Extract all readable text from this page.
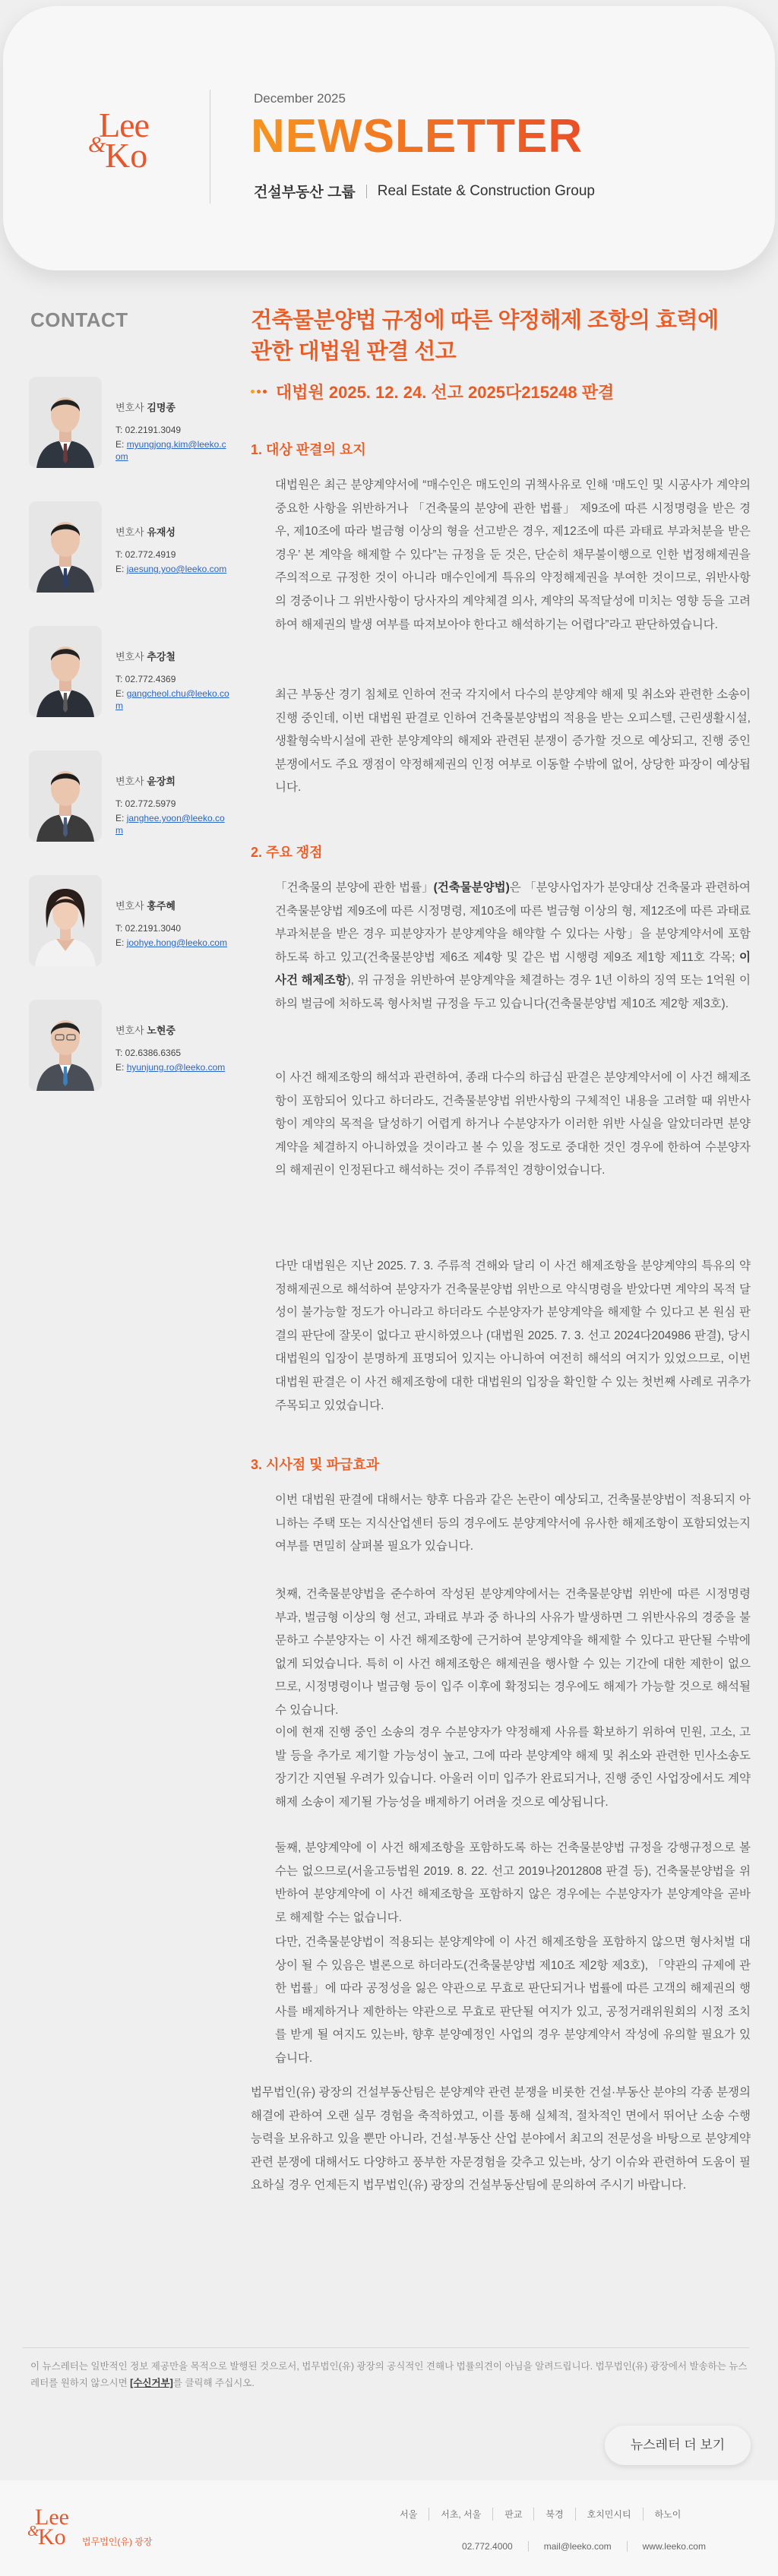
Lee
&
Ko
December 2025
NEWSLETTER
건설부동산 그룹 Real Estate & Construction Group
CONTACT
변호사 김명종
T: 02.2191.3049
E: myungjong.kim@leeko.com
변호사 유재성
T: 02.772.4919
E: jaesung.yoo@leeko.com
변호사 추강철
T: 02.772.4369
E: gangcheol.chu@leeko.com
변호사 윤장희
T: 02.772.5979
E: janghee.yoon@leeko.com
변호사 홍주혜
T: 02.2191.3040
E: joohye.hong@leeko.com
변호사 노현중
T: 02.6386.6365
E: hyunjung.ro@leeko.com
건축물분양법 규정에 따른 약정해제 조항의 효력에
관한 대법원 판결 선고
대법원 2025. 12. 24. 선고 2025다215248 판결
1. 대상 판결의 요지
대법원은 최근 분양계약서에 “매수인은 매도인의 귀책사유로 인해 ‘매도인 및 시공사가 계약의 중요한 사항을 위반하거나 「건축물의 분양에 관한 법률」 제9조에 따른 시정명령을 받은 경우, 제10조에 따라 벌금형 이상의 형을 선고받은 경우, 제12조에 따른 과태료 부과처분을 받은 경우’ 본 계약을 해제할 수 있다”는 규정을 둔 것은, 단순히 채무불이행으로 인한 법정해제권을 주의적으로 규정한 것이 아니라 매수인에게 특유의 약정해제권을 부여한 것이므로, 위반사항의 경중이나 그 위반사항이 당사자의 계약체결 의사, 계약의 목적달성에 미치는 영향 등을 고려하여 해제권의 발생 여부를 따져보아야 한다고 해석하기는 어렵다”라고 판단하였습니다.
최근 부동산 경기 침체로 인하여 전국 각지에서 다수의 분양계약 해제 및 취소와 관련한 소송이 진행 중인데, 이번 대법원 판결로 인하여 건축물분양법의 적용을 받는 오피스텔, 근린생활시설, 생활형숙박시설에 관한 분양계약의 해제와 관련된 분쟁이 증가할 것으로 예상되고, 진행 중인 분쟁에서도 주요 쟁점이 약정해제권의 인정 여부로 이동할 수밖에 없어, 상당한 파장이 예상됩니다.
2. 주요 쟁점
「건축물의 분양에 관한 법률」(건축물분양법)은 「분양사업자가 분양대상 건축물과 관련하여 건축물분양법 제9조에 따른 시정명령, 제10조에 따른 벌금형 이상의 형, 제12조에 따른 과태료 부과처분을 받은 경우 피분양자가 분양계약을 해약할 수 있다는 사항」을 분양계약서에 포함하도록 하고 있고(건축물분양법 제6조 제4항 및 같은 법 시행령 제9조 제1항 제11호 각목; 이 사건 해제조항), 위 규정을 위반하여 분양계약을 체결하는 경우 1년 이하의 징역 또는 1억원 이하의 벌금에 처하도록 형사처벌 규정을 두고 있습니다(건축물분양법 제10조 제2항 제3호).
이 사건 해제조항의 해석과 관련하여, 종래 다수의 하급심 판결은 분양계약서에 이 사건 해제조항이 포함되어 있다고 하더라도, 건축물분양법 위반사항의 구체적인 내용을 고려할 때 위반사항이 계약의 목적을 달성하기 어렵게 하거나 수분양자가 이러한 위반 사실을 알았더라면 분양계약을 체결하지 아니하였을 것이라고 볼 수 있을 정도로 중대한 것인 경우에 한하여 수분양자의 해제권이 인정된다고 해석하는 것이 주류적인 경향이었습니다.
다만 대법원은 지난 2025. 7. 3. 주류적 견해와 달리 이 사건 해제조항을 분양계약의 특유의 약정해제권으로 해석하여 분양자가 건축물분양법 위반으로 약식명령을 받았다면 계약의 목적 달성이 불가능할 정도가 아니라고 하더라도 수분양자가 분양계약을 해제할 수 있다고 본 원심 판결의 판단에 잘못이 없다고 판시하였으나 (대법원 2025. 7. 3. 선고 2024다204986 판결), 당시 대법원의 입장이 분명하게 표명되어 있지는 아니하여 여전히 해석의 여지가 있었으므로, 이번 대법원 판결은 이 사건 해제조항에 대한 대법원의 입장을 확인할 수 있는 첫번째 사례로 귀추가 주목되고 있었습니다.
3. 시사점 및 파급효과
이번 대법원 판결에 대해서는 향후 다음과 같은 논란이 예상되고, 건축물분양법이 적용되지 아니하는 주택 또는 지식산업센터 등의 경우에도 분양계약서에 유사한 해제조항이 포함되었는지 여부를 면밀히 살펴볼 필요가 있습니다.
첫째, 건축물분양법을 준수하여 작성된 분양계약에서는 건축물분양법 위반에 따른 시정명령 부과, 벌금형 이상의 형 선고, 과태료 부과 중 하나의 사유가 발생하면 그 위반사유의 경중을 불문하고 수분양자는 이 사건 해제조항에 근거하여 분양계약을 해제할 수 있다고 판단될 수밖에 없게 되었습니다. 특히 이 사건 해제조항은 해제권을 행사할 수 있는 기간에 대한 제한이 없으므로, 시정명령이나 벌금형 등이 입주 이후에 확정되는 경우에도 해제가 가능할 것으로 해석될 수 있습니다.
이에 현재 진행 중인 소송의 경우 수분양자가 약정해제 사유를 확보하기 위하여 민원, 고소, 고발 등을 추가로 제기할 가능성이 높고, 그에 따라 분양계약 해제 및 취소와 관련한 민사소송도 장기간 지연될 우려가 있습니다. 아울러 이미 입주가 완료되거나, 진행 중인 사업장에서도 계약해제 소송이 제기될 가능성을 배제하기 어려울 것으로 예상됩니다.
둘째, 분양계약에 이 사건 해제조항을 포함하도록 하는 건축물분양법 규정을 강행규정으로 볼 수는 없으므로(서울고등법원 2019. 8. 22. 선고 2019나2012808 판결 등), 건축물분양법을 위반하여 분양계약에 이 사건 해제조항을 포함하지 않은 경우에는 수분양자가 분양계약을 곧바로 해제할 수는 없습니다.
다만, 건축물분양법이 적용되는 분양계약에 이 사건 해제조항을 포함하지 않으면 형사처벌 대상이 될 수 있음은 별론으로 하더라도(건축물분양법 제10조 제2항 제3호), 「약관의 규제에 관한 법률」에 따라 공정성을 잃은 약관으로 무효로 판단되거나 법률에 따른 고객의 해제권의 행사를 배제하거나 제한하는 약관으로 무효로 판단될 여지가 있고, 공정거래위원회의 시정 조치를 받게 될 여지도 있는바, 향후 분양예정인 사업의 경우 분양계약서 작성에 유의할 필요가 있습니다.
법무법인(유) 광장의 건설부동산팀은 분양계약 관련 분쟁을 비롯한 건설·부동산 분야의 각종 분쟁의 해결에 관하여 오랜 실무 경험을 축적하였고, 이를 통해 실체적, 절차적인 면에서 뛰어난 소송 수행 능력을 보유하고 있을 뿐만 아니라, 건설·부동산 산업 분야에서 최고의 전문성을 바탕으로 분양계약 관련 분쟁에 대해서도 다양하고 풍부한 자문경험을 갖추고 있는바, 상기 이슈와 관련하여 도움이 필요하실 경우 언제든지 법무법인(유) 광장의 건설부동산팀에 문의하여 주시기 바랍니다.
이 뉴스레터는 일반적인 정보 제공만을 목적으로 발행된 것으로서, 법무법인(유) 광장의 공식적인 견해나 법률의견이 아님을 알려드립니다. 법무법인(유) 광장에서 발송하는 뉴스레터를 원하지 않으시면 [수신거부]를 클릭해 주십시오.
뉴스레터 더 보기
Lee
&
Ko 법무법인(유) 광장
서울	서초, 서울	판교	북경	호치민시티	하노이
02.772.4000	mail@leeko.com	www.leeko.com
